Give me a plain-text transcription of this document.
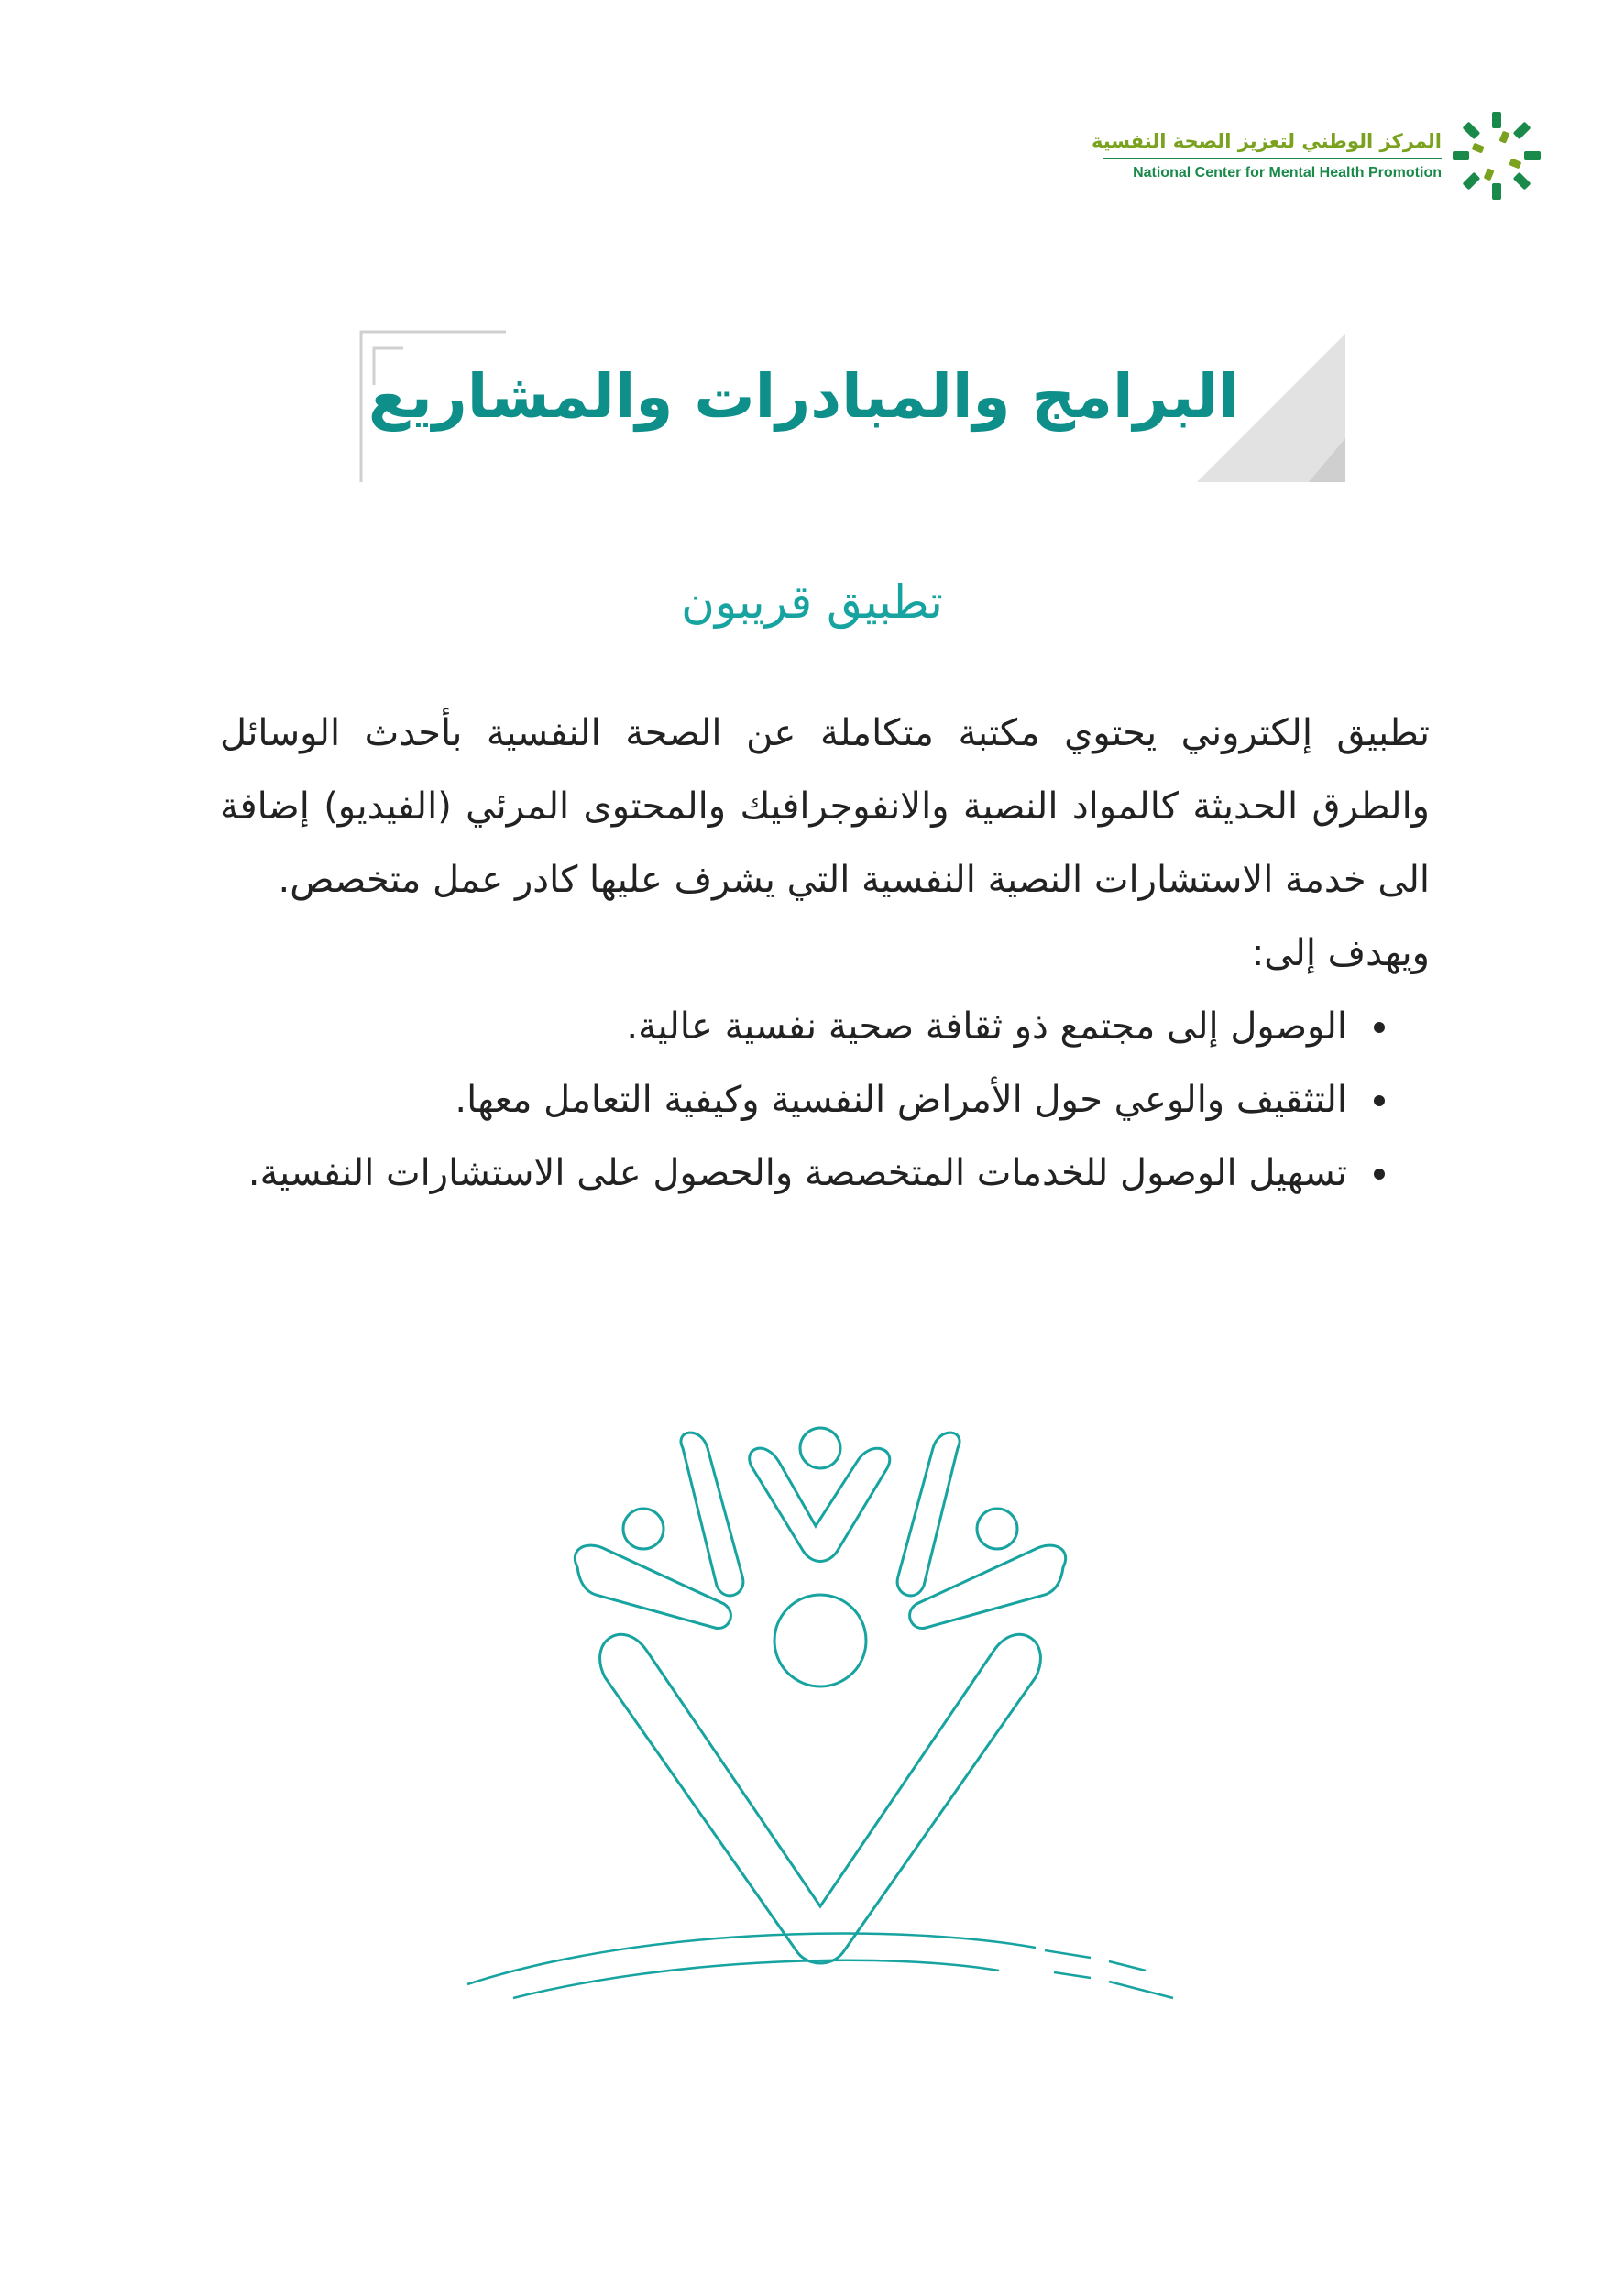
المركز الوطني لتعزيز الصحة النفسية
National Center for Mental Health Promotion
البرامج والمبادرات والمشاريع
تطبيق قريبون

تطبيق إلكتروني يحتوي مكتبة متكاملة عن الصحة النفسية بأحدث الوسائل والطرق الحديثة كالمواد النصية والانفوجرافيك والمحتوى المرئي (الفيديو) إضافة الى خدمة الاستشارات النصية النفسية التي يشرف عليها كادر عمل متخصص.

ويهدف إلى:

• الوصول إلى مجتمع ذو ثقافة صحية نفسية عالية.
• التثقيف والوعي حول الأمراض النفسية وكيفية التعامل معها.
• تسهيل الوصول للخدمات المتخصصة والحصول على الاستشارات النفسية.
